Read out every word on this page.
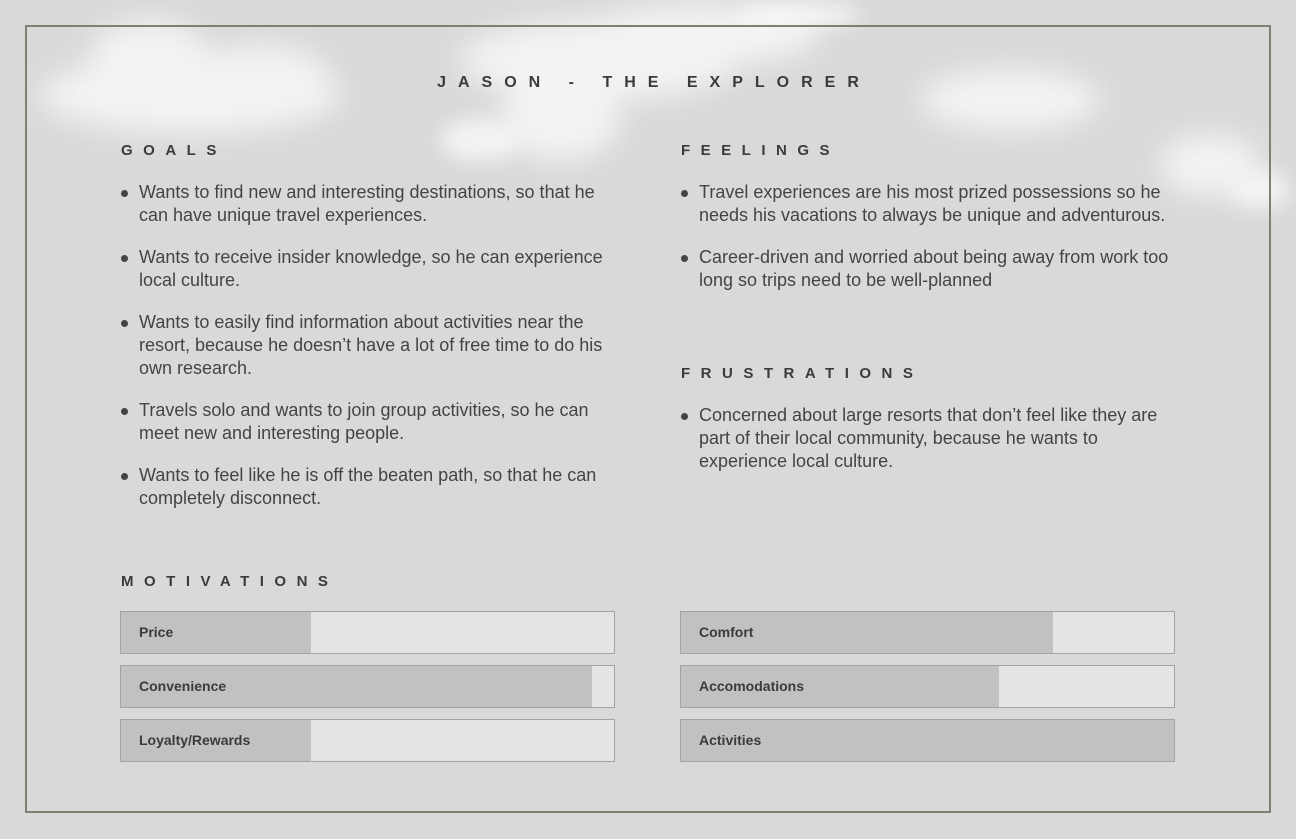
JASON - THE EXPLORER
GOALS
Wants to find new and interesting destinations, so that he can have unique travel experiences.
Wants to receive insider knowledge, so he can experience local culture.
Wants to easily find information about activities near the resort, because he doesn’t have a lot of free time to do his own research.
Travels solo and wants to join group activities, so he can meet new and interesting people.
Wants to feel like he is off the beaten path, so that he can completely disconnect.
FEELINGS
Travel experiences are his most prized possessions so he needs his vacations to always be unique and adventurous.
Career-driven and worried about being away from work too long so trips need to be well-planned
FRUSTRATIONS
Concerned about large resorts that don’t feel like they are part of their local community, because he wants to experience local culture.
MOTIVATIONS
Price
Convenience
Loyalty/Rewards
Comfort
Accomodations
Activities
